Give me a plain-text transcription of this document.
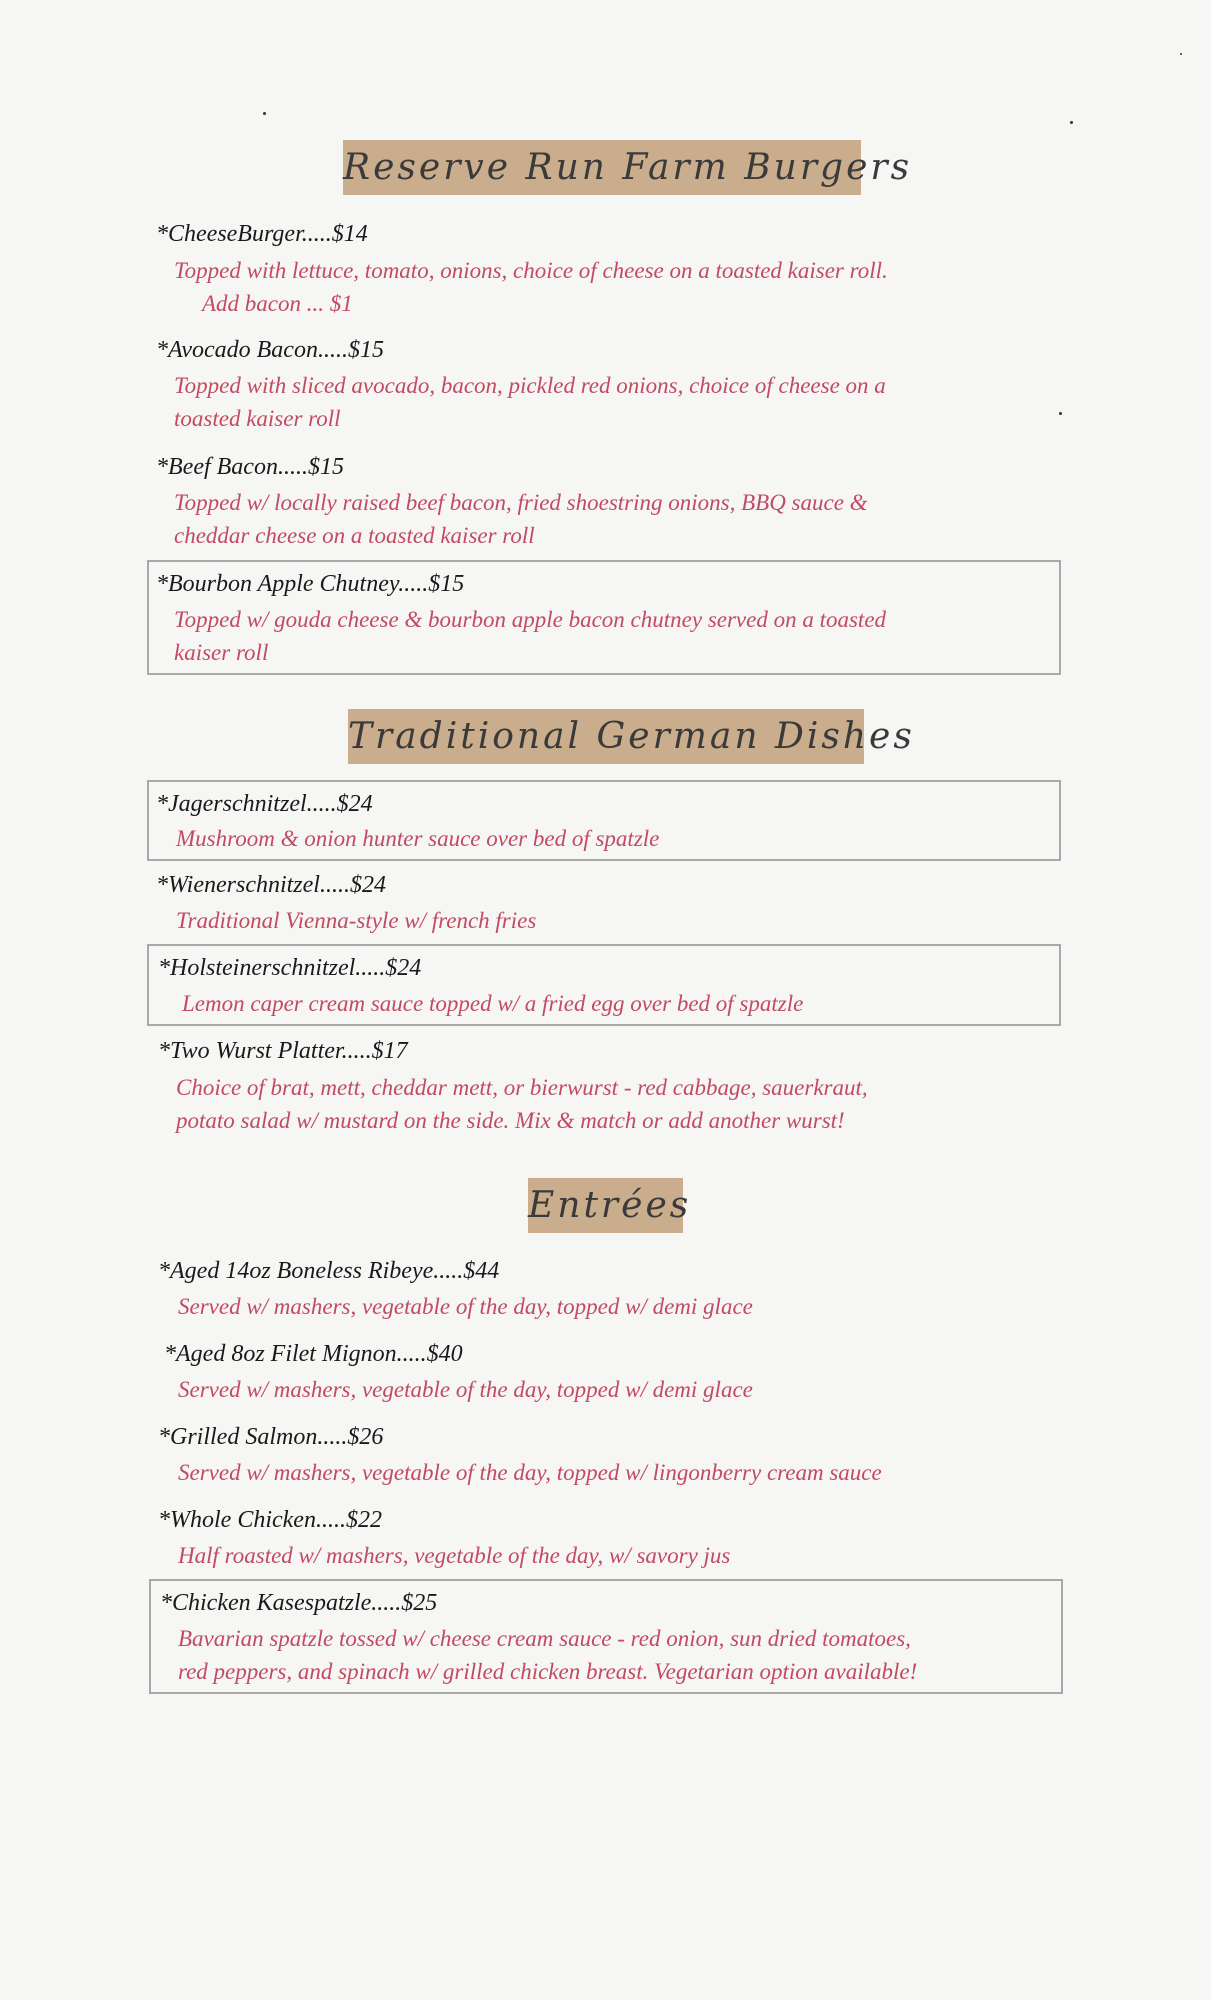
Reserve Run Farm Burgers
*CheeseBurger.....$14
Topped with lettuce, tomato, onions, choice of cheese on a toasted kaiser roll.
Add bacon ... $1
*Avocado Bacon.....$15
Topped with sliced avocado, bacon, pickled red onions, choice of cheese on a
toasted kaiser roll
*Beef Bacon.....$15
Topped w/ locally raised beef bacon, fried shoestring onions, BBQ sauce &
cheddar cheese on a toasted kaiser roll
*Bourbon Apple Chutney.....$15
Topped w/ gouda cheese & bourbon apple bacon chutney served on a toasted
kaiser roll
Traditional German Dishes
*Jagerschnitzel.....$24
Mushroom & onion hunter sauce over bed of spatzle
*Wienerschnitzel.....$24
Traditional Vienna-style w/ french fries
*Holsteinerschnitzel.....$24
Lemon caper cream sauce topped w/ a fried egg over bed of spatzle
*Two Wurst Platter.....$17
Choice of brat, mett, cheddar mett, or bierwurst - red cabbage, sauerkraut,
potato salad w/ mustard on the side. Mix & match or add another wurst!
Entrées
*Aged 14oz Boneless Ribeye.....$44
Served w/ mashers, vegetable of the day, topped w/ demi glace
*Aged 8oz Filet Mignon.....$40
Served w/ mashers, vegetable of the day, topped w/ demi glace
*Grilled Salmon.....$26
Served w/ mashers, vegetable of the day, topped w/ lingonberry cream sauce
*Whole Chicken.....$22
Half roasted w/ mashers, vegetable of the day, w/ savory jus
*Chicken Kasespatzle.....$25
Bavarian spatzle tossed w/ cheese cream sauce - red onion, sun dried tomatoes,
red peppers, and spinach w/ grilled chicken breast. Vegetarian option available!
